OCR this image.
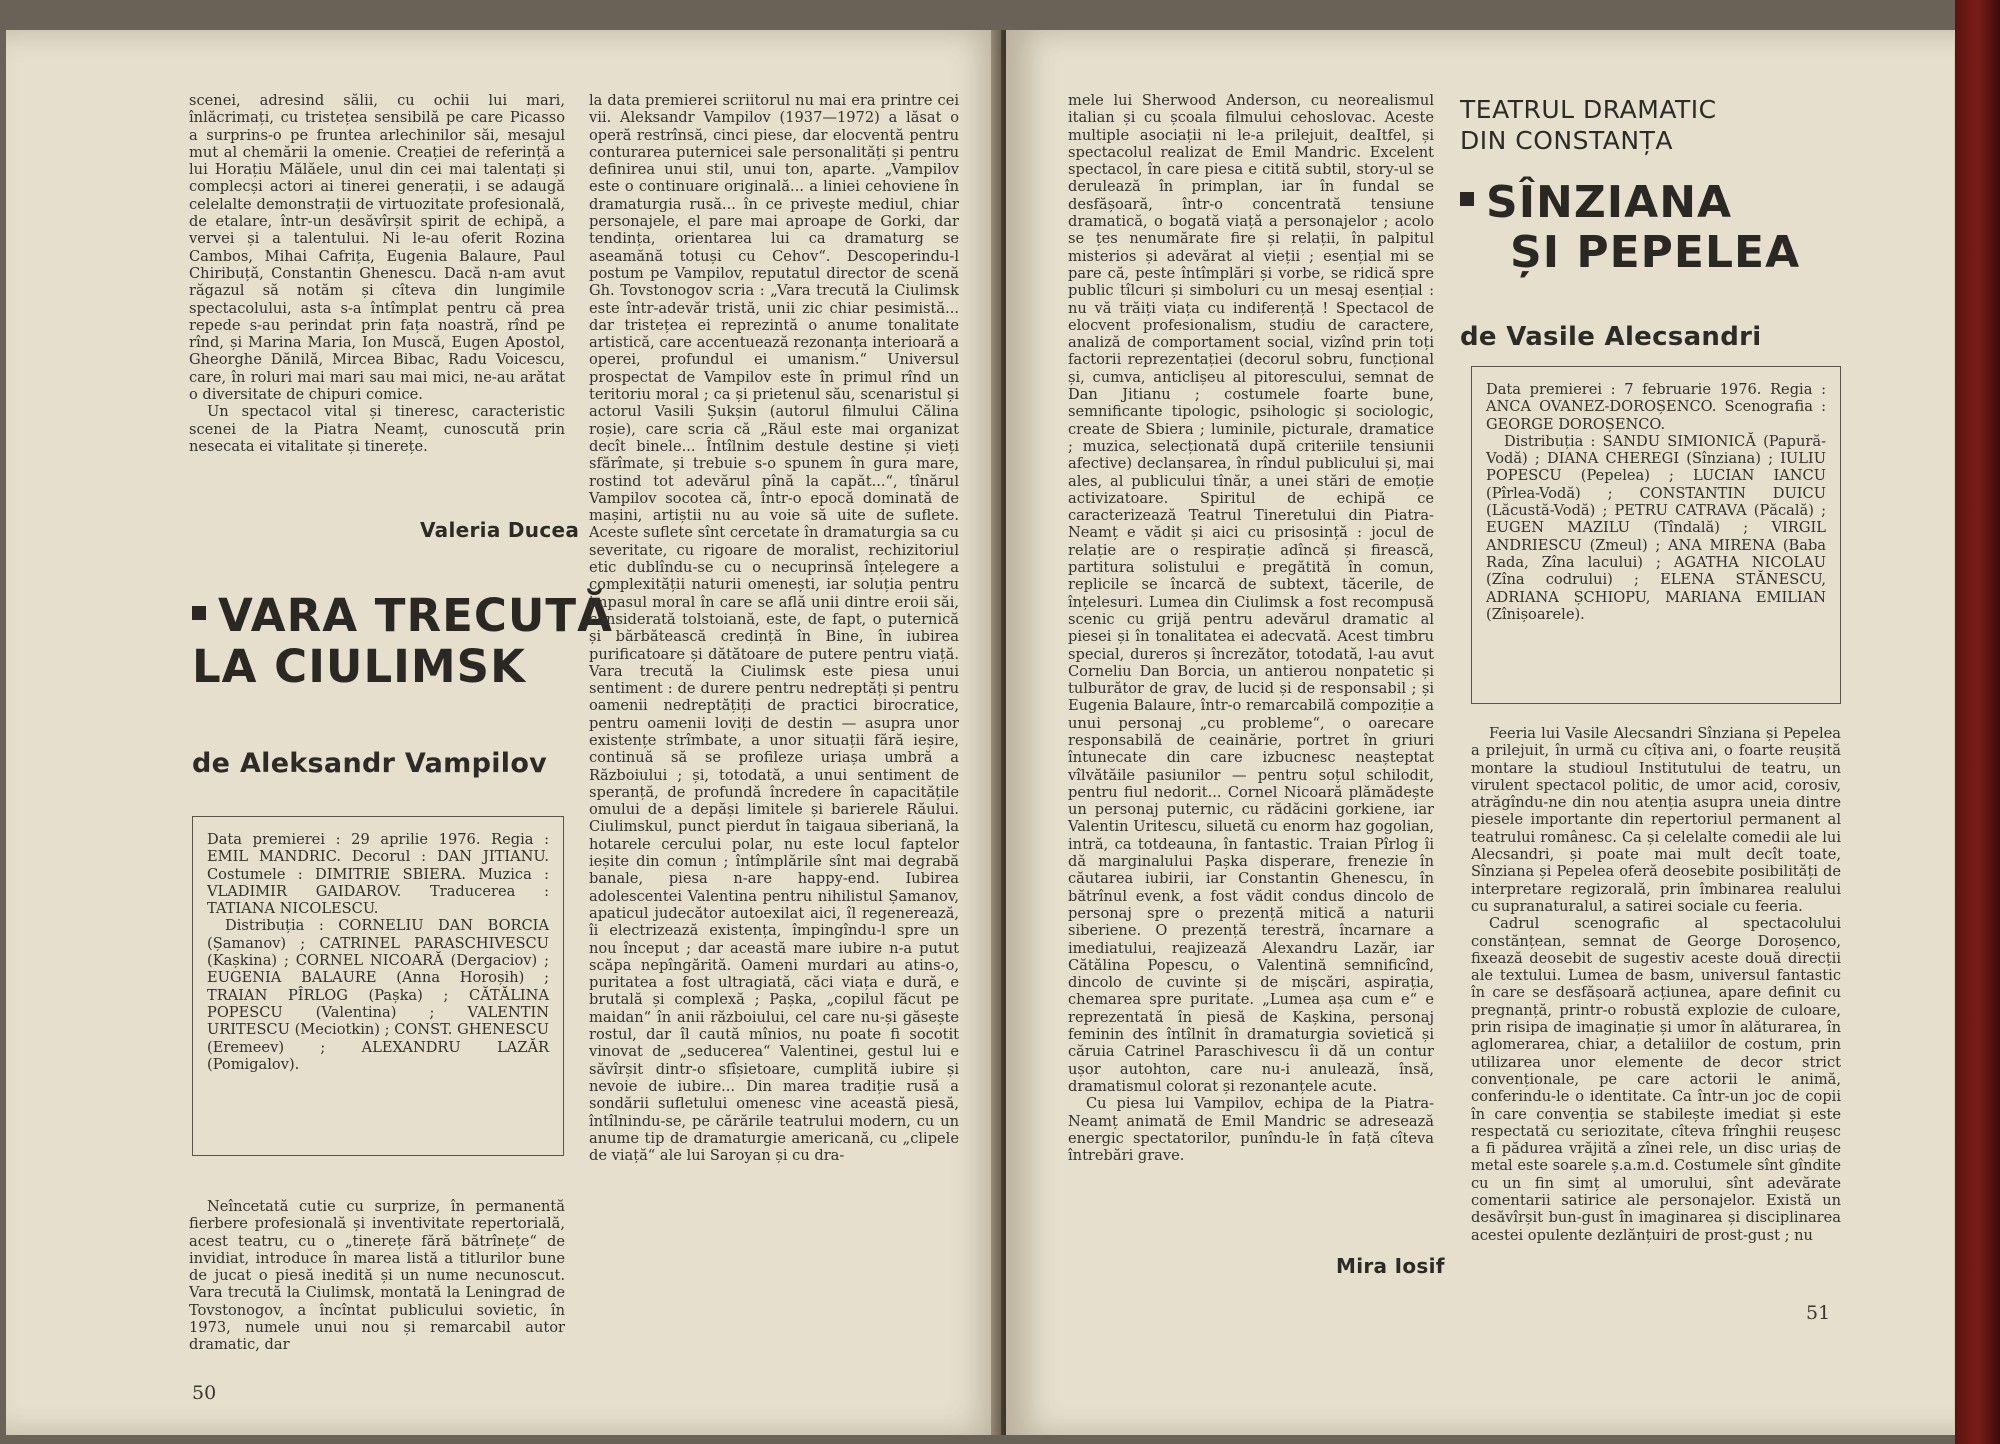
scenei, adresind sălii, cu ochii lui mari, înlăcrimați, cu tristețea sensibilă pe care Picasso a surprins-o pe fruntea arlechinilor săi, mesajul mut al chemării la omenie. Creației de referință a lui Horațiu Mălăele, unul din cei mai talentați și complecși actori ai tinerei generații, i se adaugă celelalte demonstrații de virtuozitate profesională, de etalare, într-un desăvîrșit spirit de echipă, a vervei și a talentului. Ni le-au oferit Rozina Cambos, Mihai Cafrița, Eugenia Balaure, Paul Chiribuță, Constantin Ghenescu. Dacă n-am avut răgazul să notăm și cîteva din lungimile spectacolului, asta s-a întîmplat pentru că prea repede s-au perindat prin fața noastră, rînd pe rînd, și Marina Maria, Ion Muscă, Eugen Apostol, Gheorghe Dănilă, Mircea Bibac, Radu Voicescu, care, în roluri mai mari sau mai mici, ne-au arătat o diversitate de chipuri comice.

Un spectacol vital și tineresc, caracteristic scenei de la Piatra Neamț, cunoscută prin nesecata ei vitalitate și tinerețe.

Valeria Ducea
VARA TRECUTĂ
LA CIULIMSK
de Aleksandr Vampilov

Data premierei : 29 aprilie 1976. Regia : EMIL MANDRIC. Decorul : DAN JITIANU. Costumele : DIMITRIE SBIERA. Muzica : VLADIMIR GAIDAROV. Traducerea : TATIANA NICOLESCU.

Distribuția : CORNELIU DAN BORCIA (Șamanov) ; CATRINEL PARASCHIVESCU (Kașkina) ; CORNEL NICOARĂ (Dergaciov) ; EUGENIA BALAURE (Anna Horoșih) ; TRAIAN PÎRLOG (Pașka) ; CĂTĂLINA POPESCU (Valentina) ; VALENTIN URITESCU (Meciotkin) ; CONST. GHENESCU (Eremeev) ; ALEXANDRU LAZĂR (Pomigalov).

Neîncetată cutie cu surprize, în permanentă fierbere profesională și inventivitate repertorială, acest teatru, cu o „tinerețe fără bătrînețe“ de invidiat, introduce în marea listă a titlurilor bune de jucat o piesă inedită și un nume necunoscut. Vara trecută la Ciulimsk, montată la Leningrad de Tovstonogov, a încîntat publicului sovietic, în 1973, numele unui nou și remarcabil autor dramatic, dar

la data premierei scriitorul nu mai era printre cei vii. Aleksandr Vampilov (1937—1972) a lăsat o operă restrînsă, cinci piese, dar elocventă pentru conturarea puternicei sale personalități și pentru definirea unui stil, unui ton, aparte. „Vampilov este o continuare originală... a liniei cehoviene în dramaturgia rusă... în ce privește mediul, chiar personajele, el pare mai aproape de Gorki, dar tendința, orientarea lui ca dramaturg se aseamănă totuși cu Cehov“. Descoperindu-l postum pe Vampilov, reputatul director de scenă Gh. Tovstonogov scria : „Vara trecută la Ciulimsk este într-adevăr tristă, unii zic chiar pesimistă... dar tristețea ei reprezintă o anume tonalitate artistică, care accentuează rezonanța interioară a operei, profundul ei umanism.“ Universul prospectat de Vampilov este în primul rînd un teritoriu moral ; ca și prietenul său, scenaristul și actorul Vasili Șukșin (autorul filmului Călina roșie), care scria că „Răul este mai organizat decît binele... Întîlnim destule destine și vieți sfărîmate, și trebuie s-o spunem în gura mare, rostind tot adevărul pînă la capăt...“, tînărul Vampilov socotea că, într-o epocă dominată de mașini, artiștii nu au voie să uite de suflete. Aceste suflete sînt cercetate în dramaturgia sa cu severitate, cu rigoare de moralist, rechizitoriul etic dublîndu-se cu o necuprinsă înțelegere a complexității naturii omenești, iar soluția pentru impasul moral în care se află unii dintre eroii săi, considerată tolstoiană, este, de fapt, o puternică și bărbătească credință în Bine, în iubirea purificatoare și dătătoare de putere pentru viață. Vara trecută la Ciulimsk este piesa unui sentiment : de durere pentru nedreptăți și pentru oamenii nedreptățiți de practici birocratice, pentru oamenii loviți de destin — asupra unor existențe strîmbate, a unor situații fără ieșire, continuă să se profileze uriașa umbră a Războiului ; și, totodată, a unui sentiment de speranță, de profundă încredere în capacitățile omului de a depăși limitele și barierele Răului. Ciulimskul, punct pierdut în taigaua siberiană, la hotarele cercului polar, nu este locul faptelor ieșite din comun ; întîmplările sînt mai degrabă banale, piesa n-are happy-end. Iubirea adolescentei Valentina pentru nihilistul Șamanov, apaticul judecător autoexilat aici, îl regenerează, îi electrizează existența, împingîndu-l spre un nou început ; dar această mare iubire n-a putut scăpa nepîngărită. Oameni murdari au atins-o, puritatea a fost ultragiată, căci viața e dură, e brutală și complexă ; Pașka, „copilul făcut pe maidan“ în anii războiului, cel care nu-și găsește rostul, dar îl caută mînios, nu poate fi socotit vinovat de „seducerea“ Valentinei, gestul lui e săvîrșit dintr-o sfîșietoare, cumplită iubire și nevoie de iubire... Din marea tradiție rusă a sondării sufletului omenesc vine această piesă, întîlnindu-se, pe cărările teatrului modern, cu un anume tip de dramaturgie americană, cu „clipele de viață“ ale lui Saroyan și cu dra-

50

mele lui Sherwood Anderson, cu neorealismul italian și cu școala filmului cehoslovac. Aceste multiple asociații ni le-a prilejuit, deaItfel, și spectacolul realizat de Emil Mandric. Excelent spectacol, în care piesa e citită subtil, story-ul se derulează în primplan, iar în fundal se desfășoară, într-o concentrată tensiune dramatică, o bogată viață a personajelor ; acolo se țes nenumărate fire și relații, în palpitul misterios și adevărat al vieții ; esențial mi se pare că, peste întîmplări și vorbe, se ridică spre public tîlcuri și simboluri cu un mesaj esențial : nu vă trăiți viața cu indiferență ! Spectacol de elocvent profesionalism, studiu de caractere, analiză de comportament social, vizînd prin toți factorii reprezentației (decorul sobru, funcțional și, cumva, anticlișeu al pitorescului, semnat de Dan Jitianu ; costumele foarte bune, semnificante tipologic, psihologic și sociologic, create de Sbiera ; luminile, picturale, dramatice ; muzica, selecționată după criteriile tensiunii afective) declanșarea, în rîndul publicului și, mai ales, al publicului tînăr, a unei stări de emoție activizatoare. Spiritul de echipă ce caracterizează Teatrul Tineretului din Piatra-Neamț e vădit și aici cu prisosință : jocul de relație are o respirație adîncă și firească, partitura solistului e pregătită în comun, replicile se încarcă de subtext, tăcerile, de înțelesuri. Lumea din Ciulimsk a fost recompusă scenic cu grijă pentru adevărul dramatic al piesei și în tonalitatea ei adecvată. Acest timbru special, dureros și încrezător, totodată, l-au avut Corneliu Dan Borcia, un antierou nonpatetic și tulburător de grav, de lucid și de responsabil ; și Eugenia Balaure, într-o remarcabilă compoziție a unui personaj „cu probleme“, o oarecare responsabilă de ceainărie, portret în griuri întunecate din care izbucnesc neașteptat vîlvătăile pasiunilor — pentru soțul schilodit, pentru fiul nedorit... Cornel Nicoară plămădește un personaj puternic, cu rădăcini gorkiene, iar Valentin Uritescu, siluetă cu enorm haz gogolian, intră, ca totdeauna, în fantastic. Traian Pîrlog îi dă marginalului Pașka disperare, frenezie în căutarea iubirii, iar Constantin Ghenescu, în bătrînul evenk, a fost vădit condus dincolo de personaj spre o prezență mitică a naturii siberiene. O prezență terestră, încarnare a imediatului, reajizează Alexandru Lazăr, iar Cătălina Popescu, o Valentină semnificînd, dincolo de cuvinte și de mișcări, aspirația, chemarea spre puritate. „Lumea așa cum e“ e reprezentată în piesă de Kașkina, personaj feminin des întîlnit în dramaturgia sovietică și căruia Catrinel Paraschivescu îi dă un contur ușor autohton, care nu-i anulează, însă, dramatismul colorat și rezonanțele acute.

Cu piesa lui Vampilov, echipa de la Piatra-Neamț animată de Emil Mandric se adresează energic spectatorilor, punîndu-le în față cîteva întrebări grave.

Mira Iosif
TEATRUL DRAMATIC
DIN CONSTANȚA
SÎNZIANA
ȘI PEPELEA
de Vasile Alecsandri

Data premierei : 7 februarie 1976. Regia : ANCA OVANEZ-DOROȘENCO. Scenografia : GEORGE DOROȘENCO.

Distribuția : SANDU SIMIONICĂ (Papură-Vodă) ; DIANA CHEREGI (Sînziana) ; IULIU POPESCU (Pepelea) ; LUCIAN IANCU (Pîrlea-Vodă) ; CONSTANTIN DUICU (Lăcustă-Vodă) ; PETRU CATRAVA (Păcală) ; EUGEN MAZILU (Tîndală) ; VIRGIL ANDRIESCU (Zmeul) ; ANA MIRENA (Baba Rada, Zîna lacului) ; AGATHA NICOLAU (Zîna codrului) ; ELENA STĂNESCU, ADRIANA ȘCHIOPU, MARIANA EMILIAN (Zînișoarele).

Feeria lui Vasile Alecsandri Sînziana și Pepelea a prilejuit, în urmă cu cîțiva ani, o foarte reușită montare la studioul Institutului de teatru, un virulent spectacol politic, de umor acid, corosiv, atrăgîndu-ne din nou atenția asupra uneia dintre piesele importante din repertoriul permanent al teatrului românesc. Ca și celelalte comedii ale lui Alecsandri, și poate mai mult decît toate, Sînziana și Pepelea oferă deosebite posibilități de interpretare regizorală, prin îmbinarea realului cu supranaturalul, a satirei sociale cu feeria.

Cadrul scenografic al spectacolului constănțean, semnat de George Doroșenco, fixează deosebit de sugestiv aceste două direcții ale textului. Lumea de basm, universul fantastic în care se desfășoară acțiunea, apare definit cu pregnanță, printr-o robustă explozie de culoare, prin risipa de imaginație și umor în alăturarea, în aglomerarea, chiar, a detaliilor de costum, prin utilizarea unor elemente de decor strict convenționale, pe care actorii le animă, conferindu-le o identitate. Ca într-un joc de copii în care convenția se stabilește imediat și este respectată cu seriozitate, cîteva frînghii reușesc a fi pădurea vrăjită a zînei rele, un disc uriaș de metal este soarele ș.a.m.d. Costumele sînt gîndite cu un fin simț al umorului, sînt adevărate comentarii satirice ale personajelor. Există un desăvîrșit bun-gust în imaginarea și disciplinarea acestei opulente dezlănțuiri de prost-gust ; nu

51
